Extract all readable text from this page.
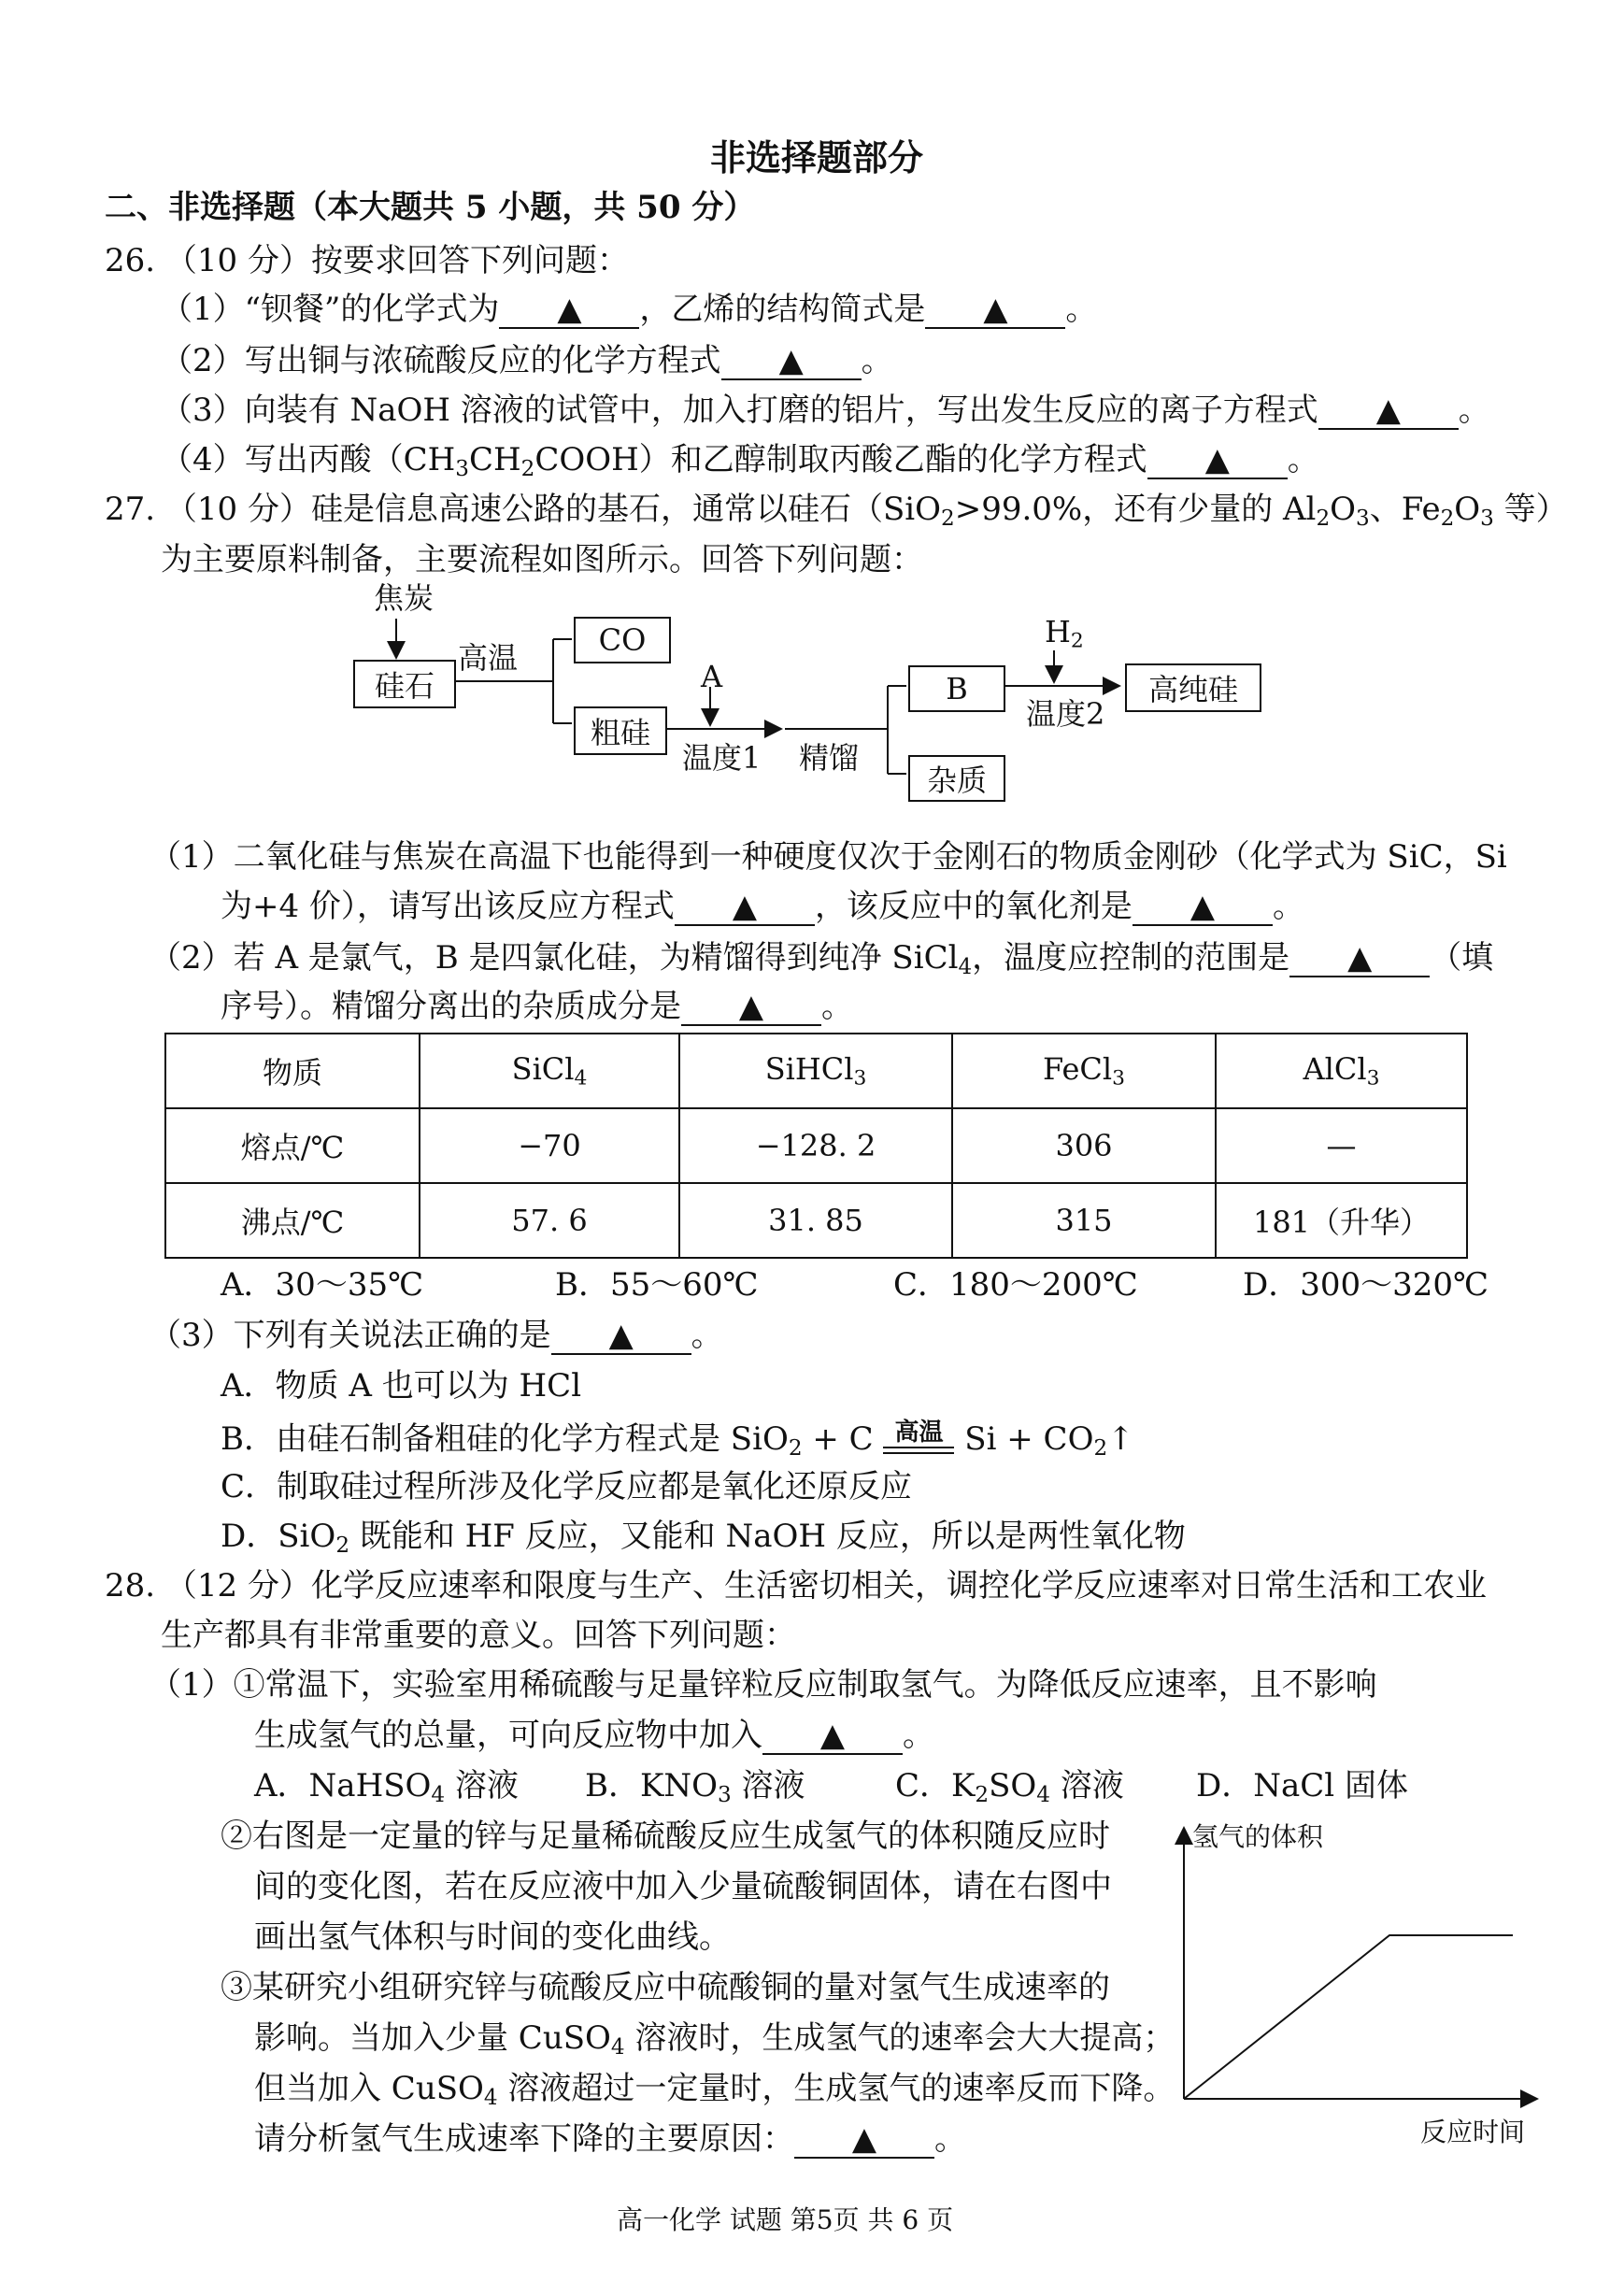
非选择题部分
二、非选择题（本大题共 5 小题，共 50 分）
26. （10 分）按要求回答下列问题：
（1）“钡餐”的化学式为 ▲ ，乙烯的结构简式是 ▲ 。
（2）写出铜与浓硫酸反应的化学方程式 ▲ 。
（3）向装有 NaOH 溶液的试管中，加入打磨的铝片，写出发生反应的离子方程式 ▲ 。
（4）写出丙酸$(CH_3CH_2COOH)$和乙醇制取丙酸乙酯的化学方程式 ▲ 。
27. （10 分）硅是信息高速公路的基石，通常以硅石（SiO$_2$>99.0%，还有少量的 $Al_2O_3$、$Fe_2O_3$ 等）
为主要原料制备，主要流程如图所示。回答下列问题：
焦炭
硅石
高温	CO
粗硅
A
温度1 精馏
B
杂质
$H_2$
温度2
高纯硅
（1）二氧化硅与焦炭在高温下也能得到一种硬度仅次于金刚石的物质金刚砂（化学式为 SiC，Si
为+4 价），请写出该反应方程式 ▲ ，该反应中的氧化剂是 ▲ 。
（2）若 A 是氯气，B 是四氯化硅，为精馏得到纯净 SiCl$_4$，温度应控制的范围是 ▲ （填
序号）。精馏分离出的杂质成分是 ▲ 。
物质	SiCl$_4$	SiHCl$_3$	FeCl$_3$	AlCl$_3$
熔点/℃	−70	−128. 2	306	—
沸点/℃	57. 6	31. 85	315	181（升华）
A．30～35℃	B．55～60℃	C．180～200℃	D．300～320℃
（3）下列有关说法正确的是 ▲ 。
A．物质 A 也可以为 HCl
B．由硅石制备粗硅的化学方程式是 SiO$_2$ + C 高温 $Si + CO_2↑$
C．制取硅过程所涉及化学反应都是氧化还原反应
D．SiO$_2$ 既能和 HF 反应，又能和 NaOH 反应，所以是两性氧化物
28. （12 分）化学反应速率和限度与生产、生活密切相关，调控化学反应速率对日常生活和工农业
生产都具有非常重要的意义。回答下列问题：
（1）①常温下，实验室用稀硫酸与足量锌粒反应制取氢气。为降低反应速率，且不影响
生成氢气的总量，可向反应物中加入 ▲ 。
A．NaHSO$_4$ 溶液 B．$KNO_3$ 溶液	C．$K_2SO_4$ 溶液 D．NaCl 固体
②右图是一定量的锌与足量稀硫酸反应生成氢气的体积随反应时
间的变化图，若在反应液中加入少量硫酸铜固体，请在右图中
画出氢气体积与时间的变化曲线。
③某研究小组研究锌与硫酸反应中硫酸铜的量对氢气生成速率的
影响。当加入少量 CuSO$_4$ 溶液时，生成氢气的速率会大大提高；
但当加入 CuSO$_4$ 溶液超过一定量时，生成氢气的速率反而下降。
请分析氢气生成速率下降的主要原因： ▲ 。
氢气的体积
反应时间
高一化学 试题 第5页 共 6 页
